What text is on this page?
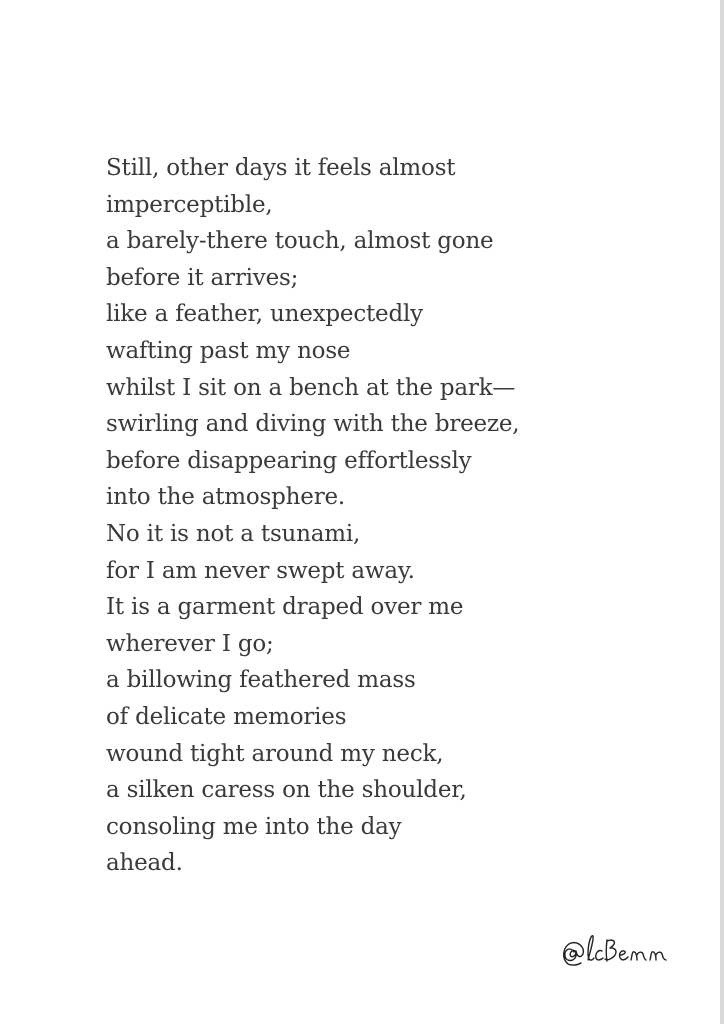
Still, other days it feels almost
imperceptible,
a barely-there touch, almost gone
before it arrives;
like a feather, unexpectedly
wafting past my nose
whilst I sit on a bench at the park—
swirling and diving with the breeze,
before disappearing effortlessly
into the atmosphere.
No it is not a tsunami,
for I am never swept away.
It is a garment draped over me
wherever I go;
a billowing feathered mass
of delicate memories
wound tight around my neck,
a silken caress on the shoulder,
consoling me into the day
ahead.
